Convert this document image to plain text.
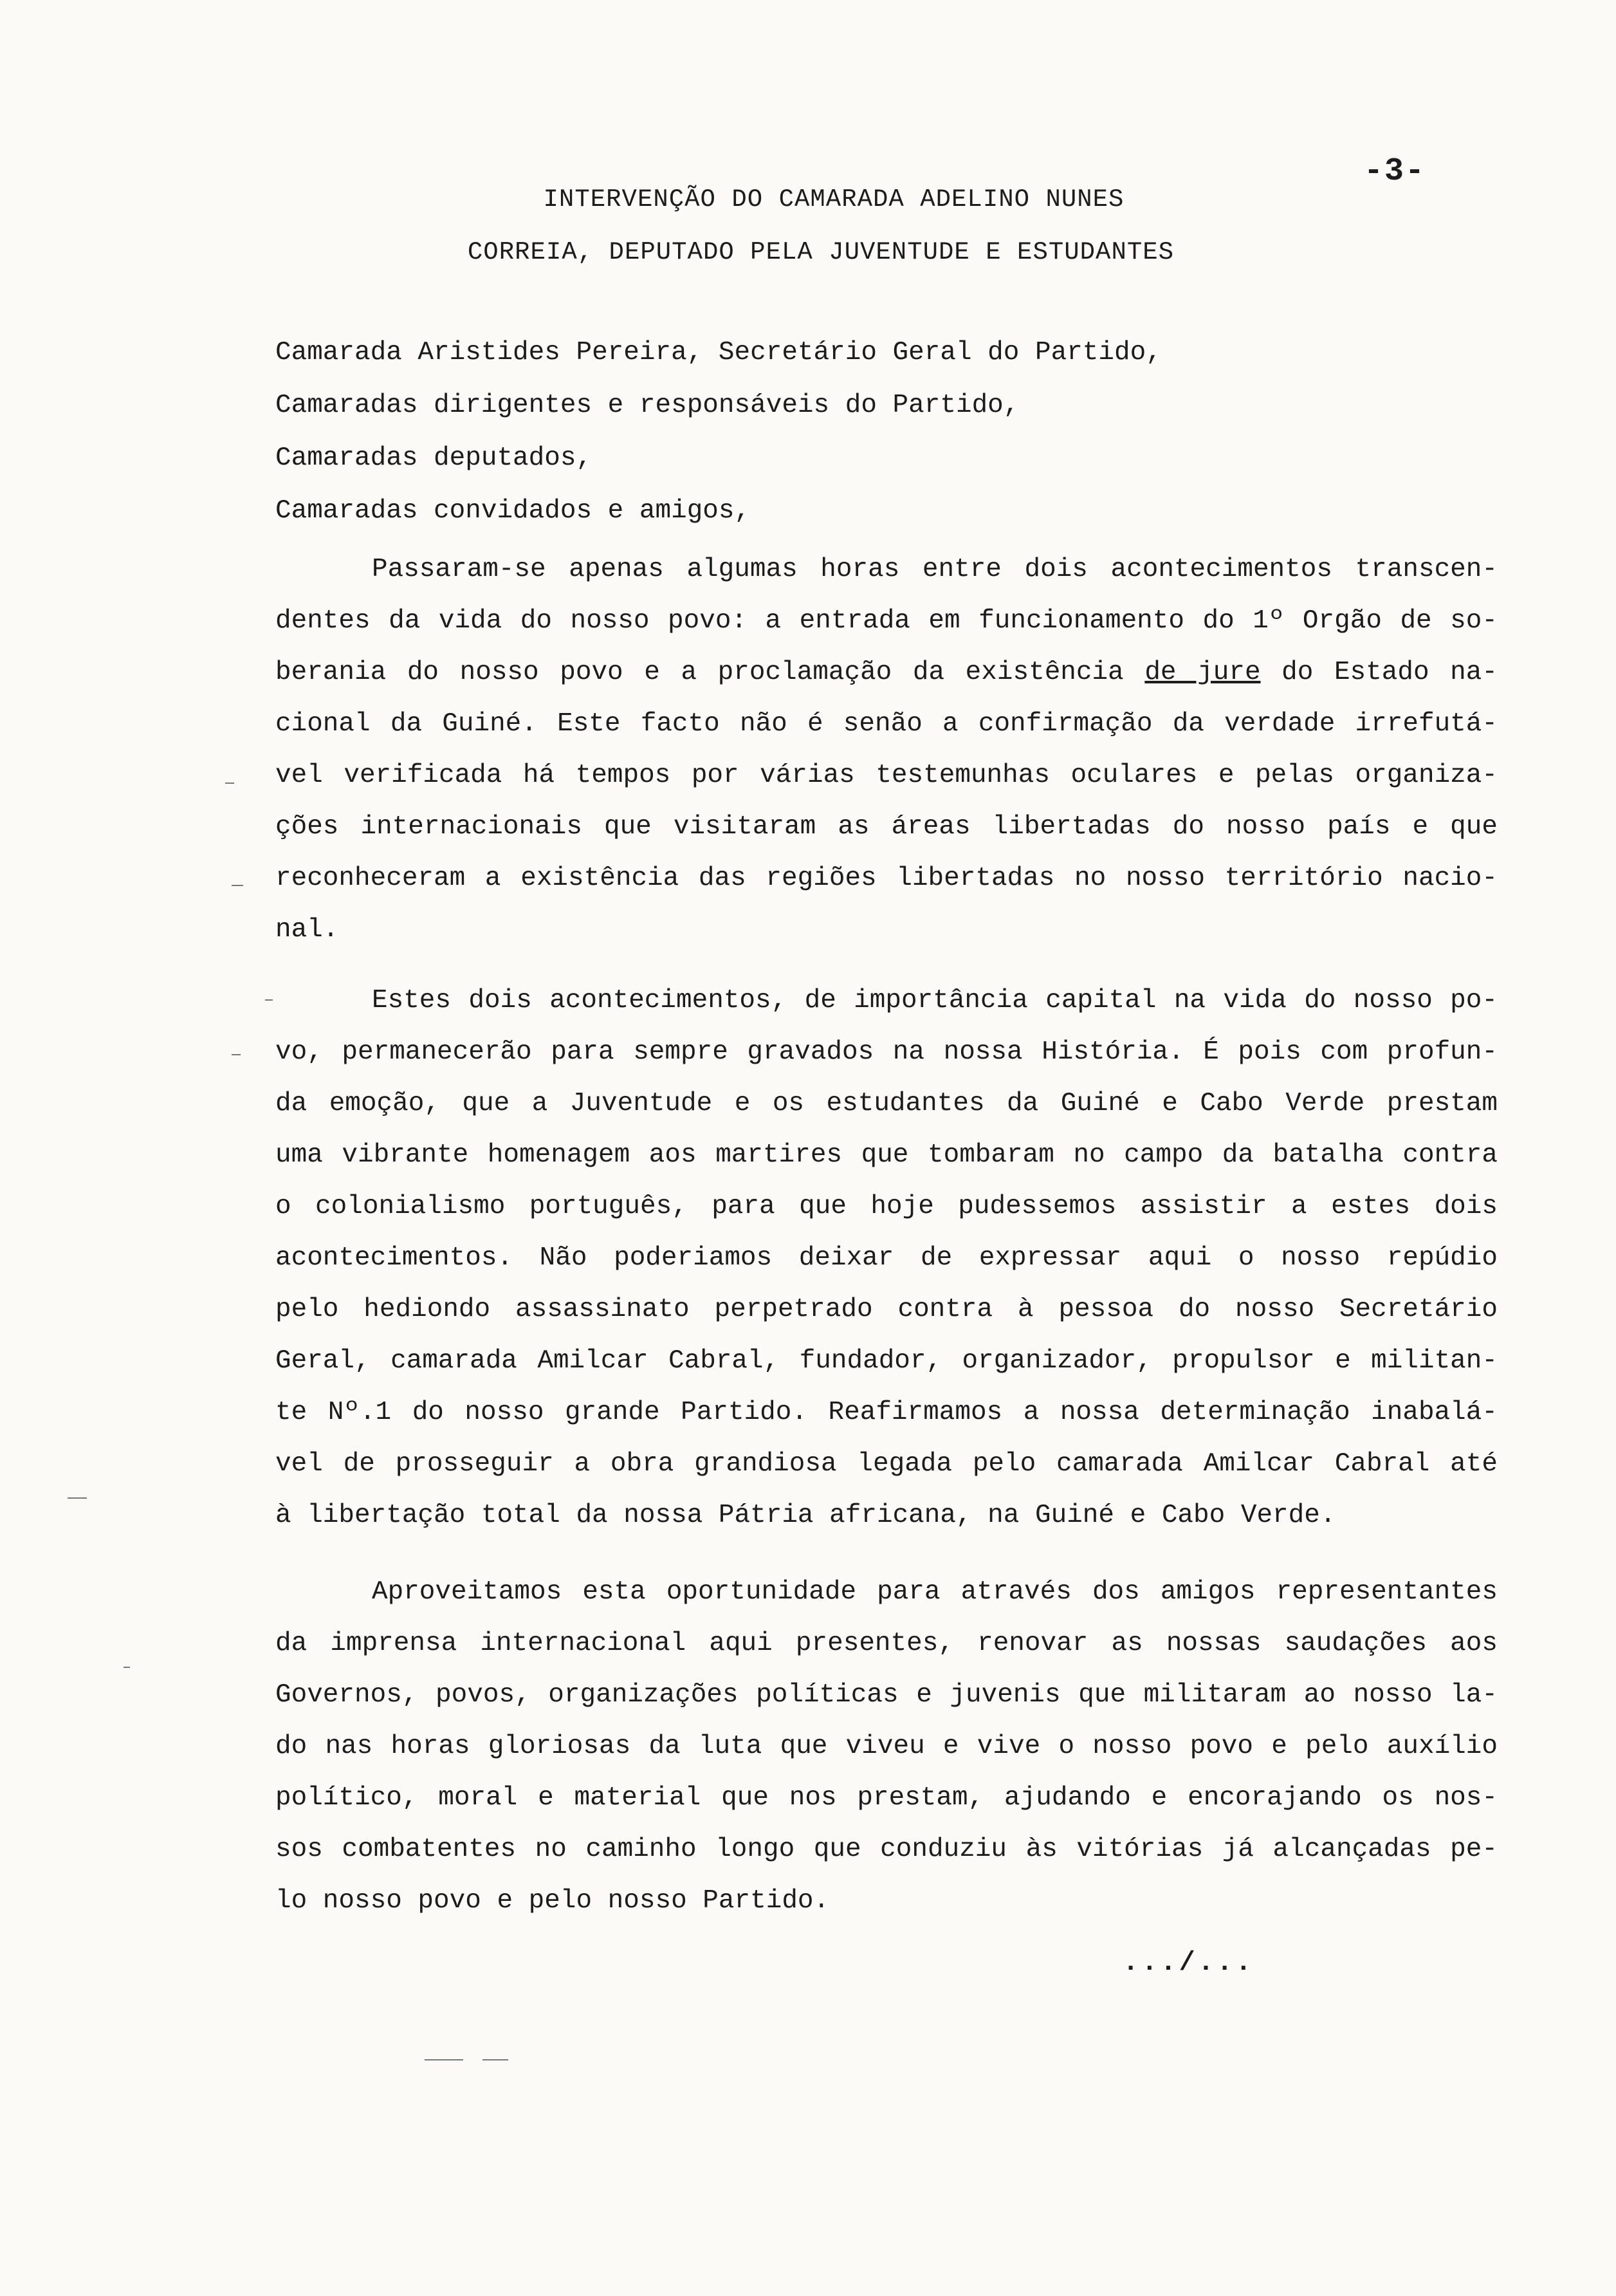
-3-
INTERVENÇÃO DO CAMARADA ADELINO NUNES
CORREIA, DEPUTADO PELA JUVENTUDE E ESTUDANTES
Camarada Aristides Pereira, Secretário Geral do Partido,
Camaradas dirigentes e responsáveis do Partido,
Camaradas deputados,
Camaradas convidados e amigos,
Passaram-se apenas algumas horas entre dois acontecimentos transcen-
dentes da vida do nosso povo: a entrada em funcionamento do 1º Orgão de so-
berania do nosso povo e a proclamação da existência de jure do Estado na-
cional da Guiné. Este facto não é senão a confirmação da verdade irrefutá-
vel verificada há tempos por várias testemunhas oculares e pelas organiza-
ções internacionais que visitaram as áreas libertadas do nosso país e que
reconheceram a existência das regiões libertadas no nosso território nacio-
nal.
Estes dois acontecimentos, de importância capital na vida do nosso po-
vo, permanecerão para sempre gravados na nossa História. É pois com profun-
da emoção, que a Juventude e os estudantes da Guiné e Cabo Verde prestam
uma vibrante homenagem aos martires que tombaram no campo da batalha contra
o colonialismo português, para que hoje pudessemos assistir a estes dois
acontecimentos. Não poderiamos deixar de expressar aqui o nosso repúdio
pelo hediondo assassinato perpetrado contra à pessoa do nosso Secretário
Geral, camarada Amilcar Cabral, fundador, organizador, propulsor e militan-
te Nº.1 do nosso grande Partido. Reafirmamos a nossa determinação inabalá-
vel de prosseguir a obra grandiosa legada pelo camarada Amilcar Cabral até
à libertação total da nossa Pátria africana, na Guiné e Cabo Verde.
Aproveitamos esta oportunidade para através dos amigos representantes
da imprensa internacional aqui presentes, renovar as nossas saudações aos
Governos, povos, organizações políticas e juvenis que militaram ao nosso la-
do nas horas gloriosas da luta que viveu e vive o nosso povo e pelo auxílio
político, moral e material que nos prestam, ajudando e encorajando os nos-
sos combatentes no caminho longo que conduziu às vitórias já alcançadas pe-
lo nosso povo e pelo nosso Partido.
.../...
